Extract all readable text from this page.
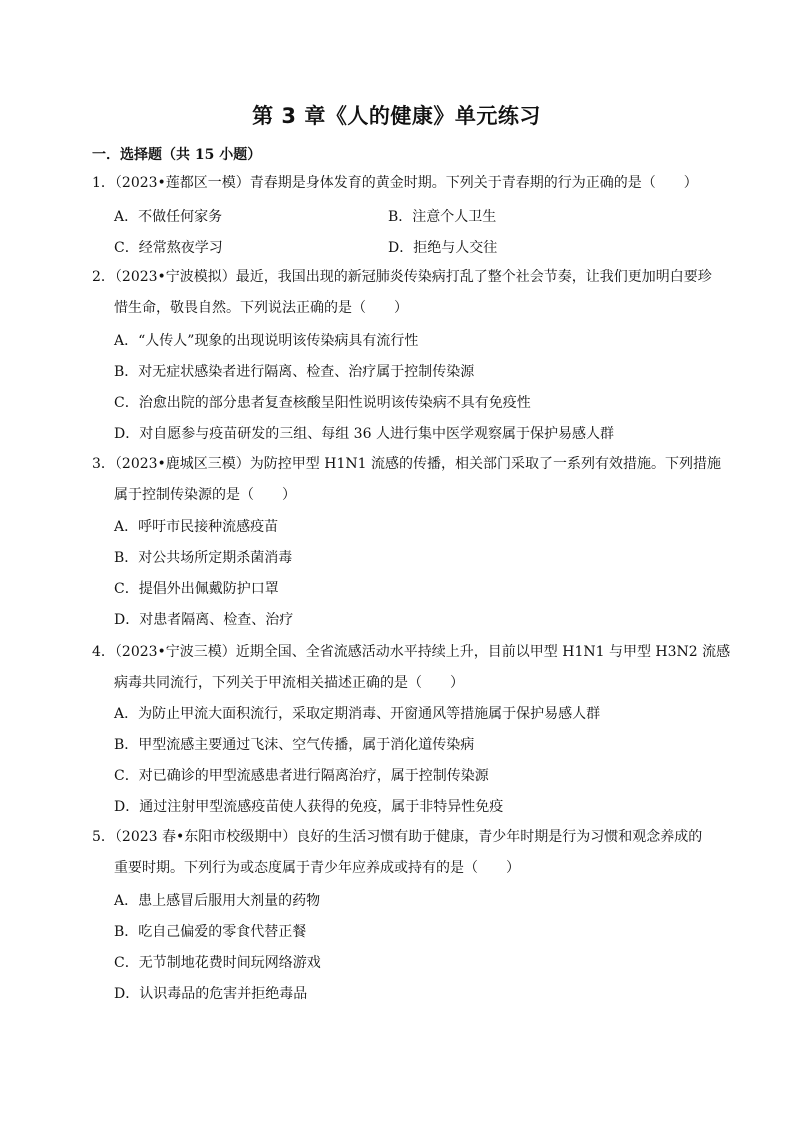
第 3 章《人的健康》单元练习
一．选择题（共 15 小题）
1．（2023•莲都区一模）青春期是身体发育的黄金时期。下列关于青春期的行为正确的是（　　）
A．不做任何家务	B．注意个人卫生
C．经常熬夜学习	D．拒绝与人交往
2．（2023•宁波模拟）最近，我国出现的新冠肺炎传染病打乱了整个社会节奏，让我们更加明白要珍
惜生命，敬畏自然。下列说法正确的是（　　）
A．“人传人”现象的出现说明该传染病具有流行性
B．对无症状感染者进行隔离、检查、治疗属于控制传染源
C．治愈出院的部分患者复查核酸呈阳性说明该传染病不具有免疫性
D．对自愿参与疫苗研发的三组、每组 36 人进行集中医学观察属于保护易感人群
3．（2023•鹿城区三模）为防控甲型 H1N1 流感的传播，相关部门采取了一系列有效措施。下列措施
属于控制传染源的是（　　）
A．呼吁市民接种流感疫苗
B．对公共场所定期杀菌消毒
C．提倡外出佩戴防护口罩
D．对患者隔离、检查、治疗
4．（2023•宁波三模）近期全国、全省流感活动水平持续上升，目前以甲型 H1N1 与甲型 H3N2 流感
病毒共同流行，下列关于甲流相关描述正确的是（　　）
A．为防止甲流大面积流行，采取定期消毒、开窗通风等措施属于保护易感人群
B．甲型流感主要通过飞沫、空气传播，属于消化道传染病
C．对已确诊的甲型流感患者进行隔离治疗，属于控制传染源
D．通过注射甲型流感疫苗使人获得的免疫，属于非特异性免疫
5．（2023 春•东阳市校级期中）良好的生活习惯有助于健康，青少年时期是行为习惯和观念养成的
重要时期。下列行为或态度属于青少年应养成或持有的是（　　）
A．患上感冒后服用大剂量的药物
B．吃自己偏爱的零食代替正餐
C．无节制地花费时间玩网络游戏
D．认识毒品的危害并拒绝毒品
